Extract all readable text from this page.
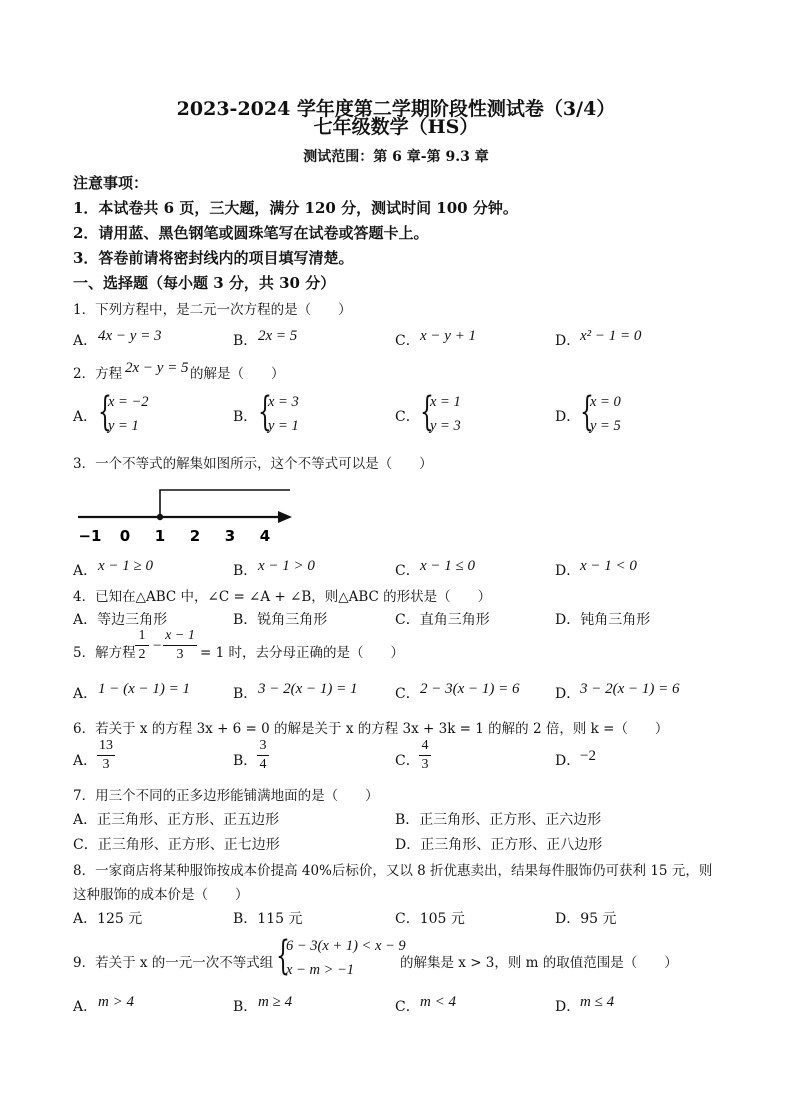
2023-2024 学年度第二学期阶段性测试卷（3/4）
七年级数学（HS）
测试范围：第 6 章-第 9.3 章
注意事项：
1．本试卷共 6 页，三大题，满分 120 分，测试时间 100 分钟。
2．请用蓝、黑色钢笔或圆珠笔写在试卷或答题卡上。
3．答卷前请将密封线内的项目填写清楚。
一、选择题（每小题 3 分，共 30 分）
1．下列方程中，是二元一次方程的是（　　）
A． 4x − y = 3	B． 2x = 5	C． x − y + 1	D． x² − 1 = 0
2．方程 2x − y = 5 的解是（　　）
A． {
x = −2
y = 1
B． {
x = 3
y = 1
C． {
x = 1
y = 3
D． {
x = 0
y = 5
3．一个不等式的解集如图所示，这个不等式可以是（　　）
−1 0 1 2 3 4
A． x − 1 ≥ 0	B． x − 1 > 0	C． x − 1 ≤ 0	D． x − 1 < 0
4．已知在△ABC 中，∠C = ∠A + ∠B，则△ABC 的形状是（　　）
A．等边三角形	B．锐角三角形	C．直角三角形	D．钝角三角形
5．解方程
1
2
−
x − 1
3	= 1 时，去分母正确的是（　　）
A． 1 − (x − 1) = 1	B． 3 − 2(x − 1) = 1	C． 2 − 3(x − 1) = 6	D． 3 − 2(x − 1) = 6
6．若关于 x 的方程 3x + 6 = 0 的解是关于 x 的方程 3x + 3k = 1 的解的 2 倍，则 k =（　　）
A．
13
3	B．
3
4	C．
4
3	D． −2
7．用三个不同的正多边形能铺满地面的是（　　）
A．正三角形、正方形、正五边形	B．正三角形、正方形、正六边形
C．正三角形、正方形、正七边形	D．正三角形、正方形、正八边形
8．一家商店将某种服饰按成本价提高 40%后标价，又以 8 折优惠卖出，结果每件服饰仍可获利 15 元，则
这种服饰的成本价是（　　）
A．125 元	B．115 元	C．105 元	D．95 元
9．若关于 x 的一元一次不等式组 {
6 − 3(x + 1) < x − 9
x − m > −1	的解集是 x > 3，则 m 的取值范围是（　　）
A． m > 4	B． m ≥ 4	C． m < 4	D． m ≤ 4
